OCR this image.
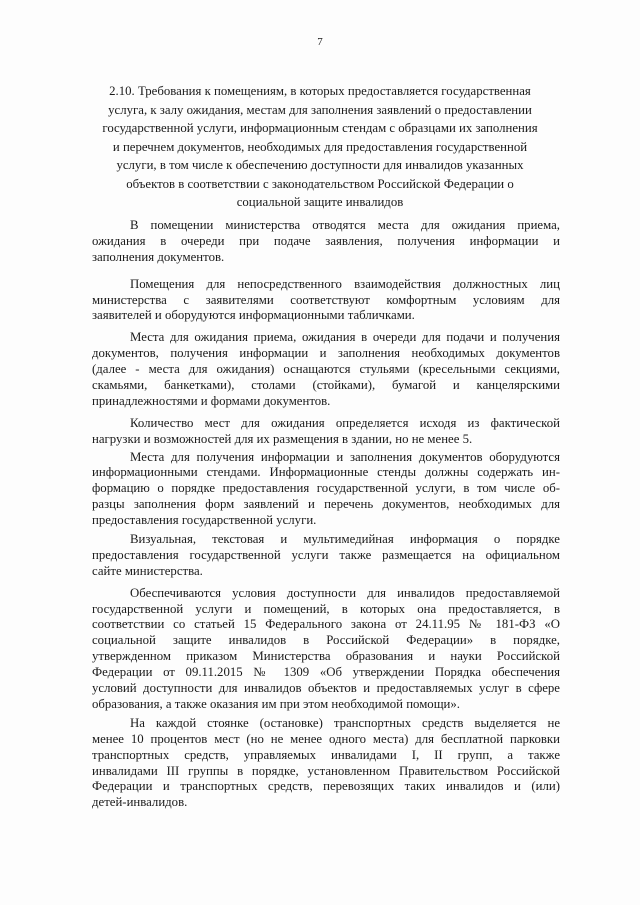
7
2.10. Требования к помещениям, в которых предоставляется государственная
услуга, к залу ожидания, местам для заполнения заявлений о предоставлении
государственной услуги, информационным стендам с образцами их заполнения
и перечнем документов, необходимых для предоставления государственной
услуги, в том числе к обеспечению доступности для инвалидов указанных
объектов в соответствии с законодательством Российской Федерации о
социальной защите инвалидов
В помещении министерства отводятся места для ожидания приема,
ожидания в очереди при подаче заявления, получения информации и
заполнения документов.
Помещения для непосредственного взаимодействия должностных лиц
министерства с заявителями соответствуют комфортным условиям для
заявителей и оборудуются информационными табличками.
Места для ожидания приема, ожидания в очереди для подачи и получения
документов, получения информации и заполнения необходимых документов
(далее - места для ожидания) оснащаются стульями (кресельными секциями,
скамьями, банкетками), столами (стойками), бумагой и канцелярскими
принадлежностями и формами документов.
Количество мест для ожидания определяется исходя из фактической
нагрузки и возможностей для их размещения в здании, но не менее 5.
Места для получения информации и заполнения документов оборудуются
информационными стендами. Информационные стенды должны содержать ин-
формацию о порядке предоставления государственной услуги, в том числе об-
разцы заполнения форм заявлений и перечень документов, необходимых для
предоставления государственной услуги.
Визуальная, текстовая и мультимедийная информация о порядке
предоставления государственной услуги также размещается на официальном
сайте министерства.
Обеспечиваются условия доступности для инвалидов предоставляемой
государственной услуги и помещений, в которых она предоставляется, в
соответствии со статьей 15 Федерального закона от 24.11.95 № 181-ФЗ «О
социальной защите инвалидов в Российской Федерации» в порядке,
утвержденном приказом Министерства образования и науки Российской
Федерации от 09.11.2015 № 1309 «Об утверждении Порядка обеспечения
условий доступности для инвалидов объектов и предоставляемых услуг в сфере
образования, а также оказания им при этом необходимой помощи».
На каждой стоянке (остановке) транспортных средств выделяется не
менее 10 процентов мест (но не менее одного места) для бесплатной парковки
транспортных средств, управляемых инвалидами I, II групп, а также
инвалидами III группы в порядке, установленном Правительством Российской
Федерации и транспортных средств, перевозящих таких инвалидов и (или)
детей-инвалидов.
